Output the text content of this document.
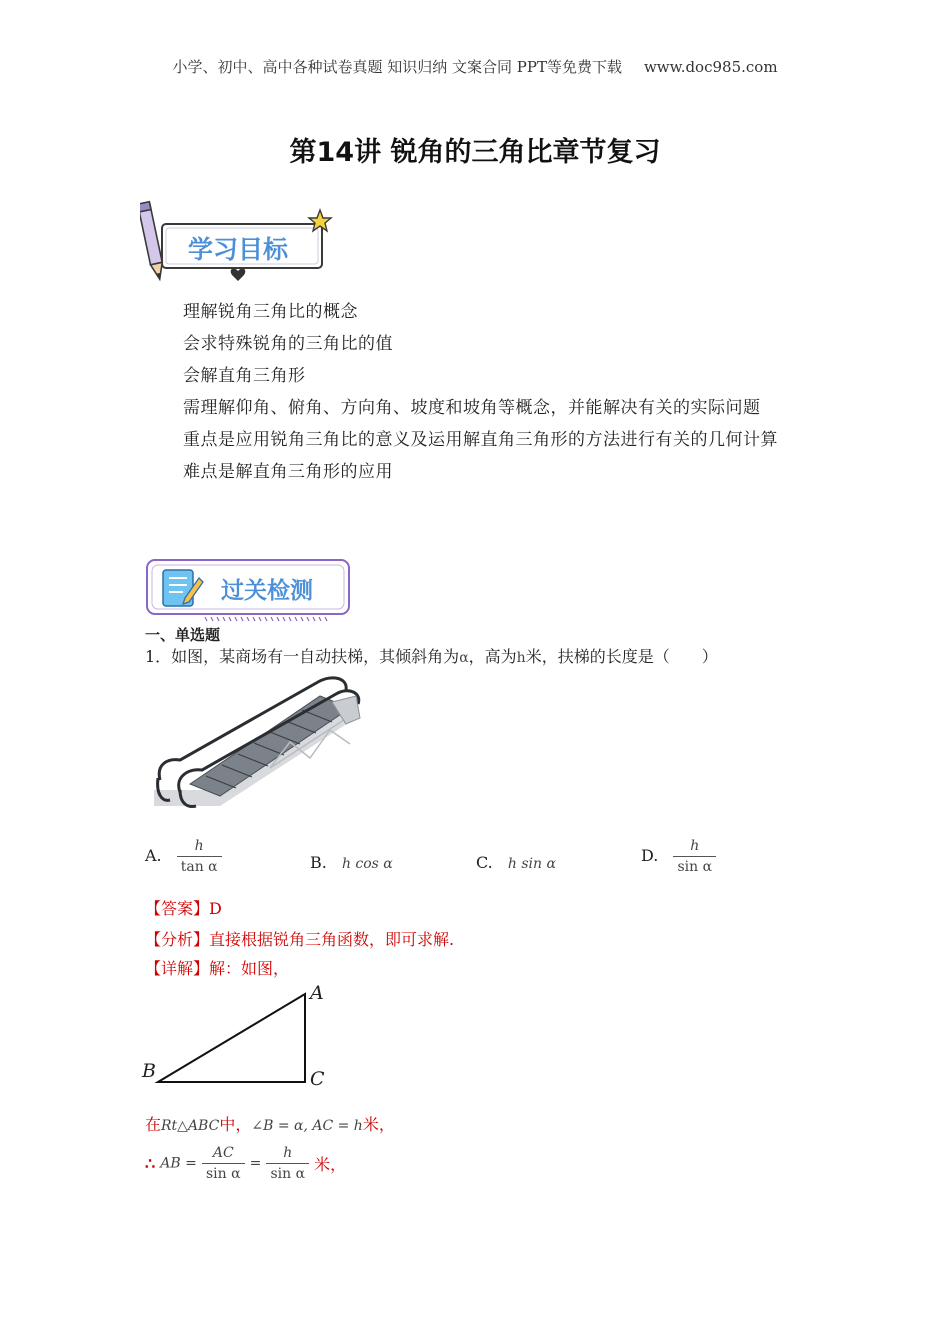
小学、初中、高中各种试卷真题 知识归纳 文案合同 PPT等免费下载 www.doc985.com
第14讲 锐角的三角比章节复习
学习目标

理解锐角三角比的概念

会求特殊锐角的三角比的值

会解直角三角形

需理解仰角、俯角、方向角、坡度和坡角等概念，并能解决有关的实际问题

重点是应用锐角三角比的意义及运用解直角三角形的方法进行有关的几何计算

难点是解直角三角形的应用

过关检测
一、单选题
1．如图，某商场有一自动扶梯，其倾斜角为α，高为h米，扶梯的长度是（　　）
A. $\frac{h}{\text{tan α}}$	B. h cos α	C. h sin α	D. $\frac{h}{\text{sin α}}$
【答案】D
【分析】直接根据锐角三角函数，即可求解.
【详解】解：如图，
A
B	C
在Rt△ABC中，∠B = α, AC = h米，
∴ AB = $\frac{AC}{\text{sin α}} = \frac{h}{\text{sin α}}$ 米，
